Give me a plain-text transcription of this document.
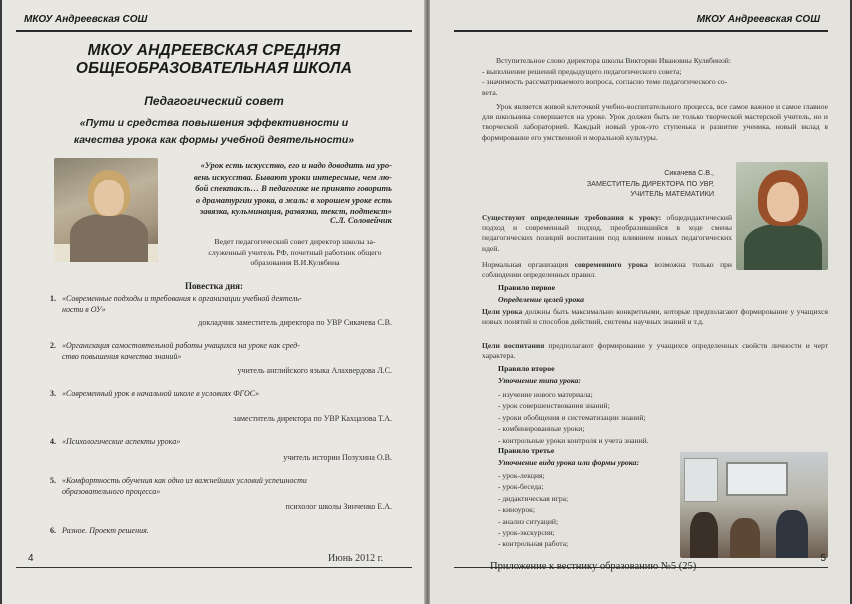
МКОУ Андреевская СОШ
МКОУ АНДРЕЕВСКАЯ СРЕДНЯЯ
ОБЩЕОБРАЗОВАТЕЛЬНАЯ ШКОЛА
Педагогический совет
«Пути и средства повышения эффективности и
качества урока как формы учебной деятельности»
«Урок есть искусство, его и надо доводить на уро-
вень искусства. Бывают уроки интересные, чем лю-
бой спектакль… В педагогике не принято говорить
о драматургии урока, а жаль: в хорошем уроке есть
завязка, кульминация, развязка, текст, подтекст»
С.Л. Соловейчик
Ведет педагогический совет директор школы за-
служенный учитель РФ, почетный работник общего
образования В.И.Кулябина
Повестка дня:
1. «Современные подходы и требования к организации учебной деятель-
ности в ОУ»
докладчик заместитель директора по УВР Сикачева С.В.
2. «Организация самостоятельной работы учащихся на уроке как сред-
ство повышения качества знаний»
учитель английского языка Алахвердова Л.С.
3. «Современный урок в начальной школе в условиях ФГОС»
заместитель директора по УВР Кахцазова Т.А.
4. «Психологические аспекты урока»
учитель истории Позухина О.В.
5. «Комфортность обучения как одно из важнейших условий успешности
образовательного процесса»
психолог школы Зинченко Е.А.
6. Разное. Проект решения.
4	Июнь 2012 г.
МКОУ Андреевская СОШ

Вступительное слово директора школы Виктории Ивановны Кулябиной:

- выполнение решений предыдущего педагогического совета;

- значимость рассматриваемого вопроса, согласно теме педагогического со-

вета.

Урок является живой клеточкой учебно-воспитательного процесса, все самое важное и самое главное для школьника совершается на уроке. Урок должен быть не только творческой мастерской учитель, но и творческой лабораторией. Каждый новый урок-это ступенька и развитие ученика, новый вклад в формирование его умственной и моральной культуры.
Сикачева С.В.,
ЗАМЕСТИТЕЛЬ ДИРЕКТОРА ПО УВР,
УЧИТЕЛЬ МАТЕМАТИКИ
Существуют определенные требования к уроку: общедидактический подход и современный подход, преобразившийся в ходе смены педагогических позиций воспитания под влиянием новых педагогических идей.
Нормальная организация современного урока возможна только при соблюдении определенных правил.
Правило первое
Определение целей урока
Цели урока должны быть максимально конкретными, которые предполагают формирование у учащихся новых понятий и способов действий, системы научных знаний и т.д.
Цели воспитания предполагают формирование у учащихся определенных свойств личности и черт характера.
Правило второе
Уточнение типа урока:
- изучение нового материала;
- урок совершенствования знаний;
- уроки обобщения и систематизации знаний;
- комбинированные уроки;
- контрольные уроки контроля и учета знаний.
Правило третье
Уточнение вида урока или формы урока:
- урок-лекция;
- урок-беседа;
- дидактическая игра;
- киноурок;
- анализ ситуаций;
- урок-экскурсия;
- контрольная работа;
Приложение к вестнику образованию №5 (25)
5
